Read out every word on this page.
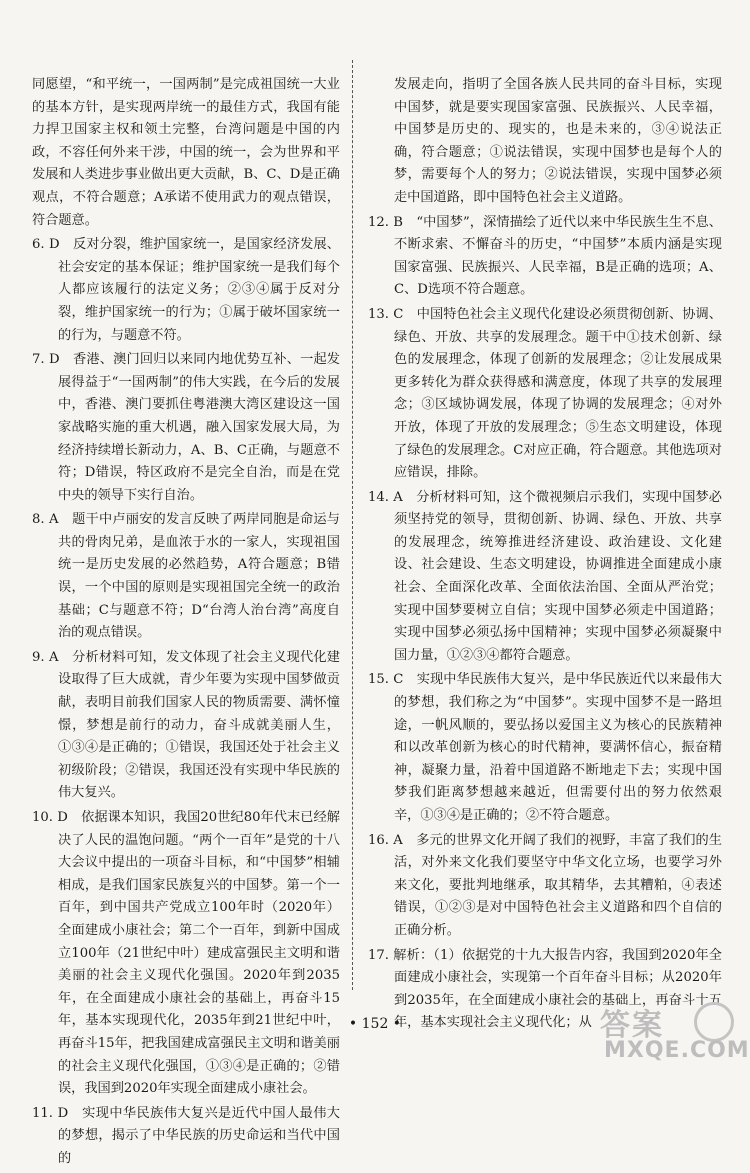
同愿望，“和平统一，一国两制”是完成祖国统一大业的基本方针，是实现两岸统一的最佳方式，我国有能力捍卫国家主权和领土完整，台湾问题是中国的内政，不容任何外来干涉，中国的统一，会为世界和平发展和人类进步事业做出更大贡献，B、C、D是正确观点，不符合题意；A承诺不使用武力的观点错误，符合题意。

6. D　反对分裂，维护国家统一，是国家经济发展、社会安定的基本保证；维护国家统一是我们每个人都应该履行的法定义务；②③④属于反对分裂，维护国家统一的行为；①属于破坏国家统一的行为，与题意不符。

7. D　香港、澳门回归以来同内地优势互补、一起发展得益于“一国两制”的伟大实践，在今后的发展中，香港、澳门要抓住粤港澳大湾区建设这一国家战略实施的重大机遇，融入国家发展大局，为经济持续增长新动力，A、B、C正确，与题意不符；D错误，特区政府不是完全自治，而是在党中央的领导下实行自治。

8. A　题干中卢丽安的发言反映了两岸同胞是命运与共的骨肉兄弟，是血浓于水的一家人，实现祖国统一是历史发展的必然趋势，A符合题意；B错误，一个中国的原则是实现祖国完全统一的政治基础；C与题意不符；D“台湾人治台湾”高度自治的观点错误。

9. A　分析材料可知，发文体现了社会主义现代化建设取得了巨大成就，青少年要为实现中国梦做贡献，表明目前我们国家人民的物质需要、满怀憧憬，梦想是前行的动力，奋斗成就美丽人生，①③④是正确的；①错误，我国还处于社会主义初级阶段；②错误，我国还没有实现中华民族的伟大复兴。

10. D　依据课本知识，我国20世纪80年代末已经解决了人民的温饱问题。“两个一百年”是党的十八大会议中提出的一项奋斗目标，和“中国梦”相辅相成，是我们国家民族复兴的中国梦。第一个一百年，到中国共产党成立100年时（2020年）全面建成小康社会；第二个一百年，到新中国成立100年（21世纪中叶）建成富强民主文明和谐美丽的社会主义现代化强国。2020年到2035年，在全面建成小康社会的基础上，再奋斗15年，基本实现现代化，2035年到21世纪中叶，再奋斗15年，把我国建成富强民主文明和谐美丽的社会主义现代化强国，①③④是正确的；②错误，我国到2020年实现全面建成小康社会。

11. D　实现中华民族伟大复兴是近代中国人最伟大的梦想，揭示了中华民族的历史命运和当代中国的

发展走向，指明了全国各族人民共同的奋斗目标，实现中国梦，就是要实现国家富强、民族振兴、人民幸福，中国梦是历史的、现实的，也是未来的，③④说法正确，符合题意；①说法错误，实现中国梦也是每个人的梦，需要每个人的努力；②说法错误，实现中国梦必须走中国道路，即中国特色社会主义道路。

12. B　“中国梦”，深情描绘了近代以来中华民族生生不息、不断求索、不懈奋斗的历史，“中国梦”本质内涵是实现国家富强、民族振兴、人民幸福，B是正确的选项；A、C、D选项不符合题意。

13. C　中国特色社会主义现代化建设必须贯彻创新、协调、绿色、开放、共享的发展理念。题干中①技术创新、绿色的发展理念，体现了创新的发展理念；②让发展成果更多转化为群众获得感和满意度，体现了共享的发展理念；③区域协调发展，体现了协调的发展理念；④对外开放，体现了开放的发展理念；⑤生态文明建设，体现了绿色的发展理念。C对应正确，符合题意。其他选项对应错误，排除。

14. A　分析材料可知，这个微视频启示我们，实现中国梦必须坚持党的领导，贯彻创新、协调、绿色、开放、共享的发展理念，统筹推进经济建设、政治建设、文化建设、社会建设、生态文明建设，协调推进全面建成小康社会、全面深化改革、全面依法治国、全面从严治党；实现中国梦要树立自信；实现中国梦必须走中国道路；实现中国梦必须弘扬中国精神；实现中国梦必须凝聚中国力量，①②③④都符合题意。

15. C　实现中华民族伟大复兴，是中华民族近代以来最伟大的梦想，我们称之为“中国梦”。实现中国梦不是一路坦途，一帆风顺的，要弘扬以爱国主义为核心的民族精神和以改革创新为核心的时代精神，要满怀信心，振奋精神，凝聚力量，沿着中国道路不断地走下去；实现中国梦我们距离梦想越来越近，但需要付出的努力依然艰辛，①③④是正确的；②不符合题意。

16. A　多元的世界文化开阔了我们的视野，丰富了我们的生活，对外来文化我们要坚守中华文化立场，也要学习外来文化，要批判地继承，取其精华，去其糟粕，④表述错误，①②③是对中国特色社会主义道路和四个自信的正确分析。

17. 解析：（1）依据党的十九大报告内容，我国到2020年全面建成小康社会，实现第一个百年奋斗目标；从2020年到2035年，在全面建成小康社会的基础上，再奋斗十五年，基本实现社会主义现代化；从

• 152 •	答案
MXQE.COM
